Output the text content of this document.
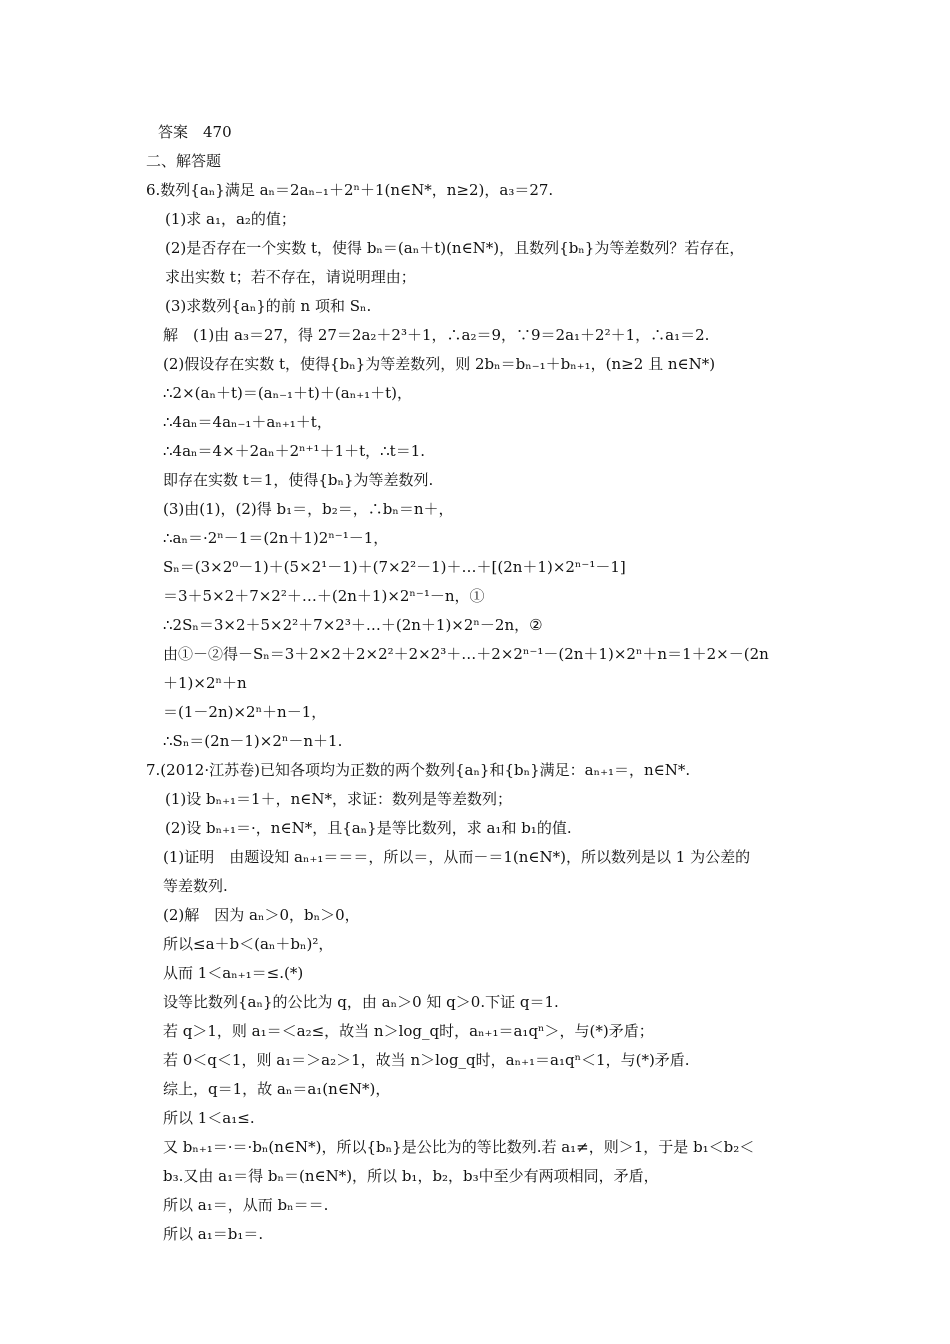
答案　470
二、解答题
6.数列{aₙ}满足 aₙ＝2aₙ₋₁＋2ⁿ＋1(n∈N*，n≥2)，a₃＝27.
(1)求 a₁，a₂的值；
(2)是否存在一个实数 t，使得 bₙ＝(aₙ＋t)(n∈N*)，且数列{bₙ}为等差数列？若存在，
求出实数 t；若不存在，请说明理由；
(3)求数列{aₙ}的前 n 项和 Sₙ.
解　(1)由 a₃＝27，得 27＝2a₂＋2³＋1，∴a₂＝9，∵9＝2a₁＋2²＋1，∴a₁＝2.
(2)假设存在实数 t，使得{bₙ}为等差数列，则 2bₙ＝bₙ₋₁＋bₙ₊₁，(n≥2 且 n∈N*)
∴2×(aₙ＋t)＝(aₙ₋₁＋t)＋(aₙ₊₁＋t)，
∴4aₙ＝4aₙ₋₁＋aₙ₊₁＋t，
∴4aₙ＝4×＋2aₙ＋2ⁿ⁺¹＋1＋t，∴t＝1.
即存在实数 t＝1，使得{bₙ}为等差数列.
(3)由(1)，(2)得 b₁＝，b₂＝，∴bₙ＝n＋，
∴aₙ＝·2ⁿ－1＝(2n＋1)2ⁿ⁻¹－1，
Sₙ＝(3×2⁰－1)＋(5×2¹－1)＋(7×2²－1)＋…＋[(2n＋1)×2ⁿ⁻¹－1]
＝3＋5×2＋7×2²＋…＋(2n＋1)×2ⁿ⁻¹－n，①
∴2Sₙ＝3×2＋5×2²＋7×2³＋…＋(2n＋1)×2ⁿ－2n，②
由①－②得－Sₙ＝3＋2×2＋2×2²＋2×2³＋…＋2×2ⁿ⁻¹－(2n＋1)×2ⁿ＋n＝1＋2×－(2n
＋1)×2ⁿ＋n
＝(1－2n)×2ⁿ＋n－1，
∴Sₙ＝(2n－1)×2ⁿ－n＋1.
7.(2012·江苏卷)已知各项均为正数的两个数列{aₙ}和{bₙ}满足：aₙ₊₁＝，n∈N*.
(1)设 bₙ₊₁＝1＋，n∈N*，求证：数列是等差数列；
(2)设 bₙ₊₁＝·，n∈N*，且{aₙ}是等比数列，求 a₁和 b₁的值.
(1)证明　由题设知 aₙ₊₁＝＝＝，所以＝，从而－＝1(n∈N*)，所以数列是以 1 为公差的
等差数列.
(2)解　因为 aₙ＞0，bₙ＞0，
所以≤a＋b＜(aₙ＋bₙ)²，
从而 1＜aₙ₊₁＝≤.(*)
设等比数列{aₙ}的公比为 q，由 aₙ＞0 知 q＞0.下证 q＝1.
若 q＞1，则 a₁＝＜a₂≤，故当 n＞log_q时，aₙ₊₁＝a₁qⁿ＞，与(*)矛盾；
若 0＜q＜1，则 a₁＝＞a₂＞1，故当 n＞log_q时，aₙ₊₁＝a₁qⁿ＜1，与(*)矛盾.
综上，q＝1，故 aₙ＝a₁(n∈N*)，
所以 1＜a₁≤.
又 bₙ₊₁＝·＝·bₙ(n∈N*)，所以{bₙ}是公比为的等比数列.若 a₁≠，则＞1，于是 b₁＜b₂＜
b₃.又由 a₁＝得 bₙ＝(n∈N*)，所以 b₁，b₂，b₃中至少有两项相同，矛盾，
所以 a₁＝，从而 bₙ＝＝.
所以 a₁＝b₁＝.
